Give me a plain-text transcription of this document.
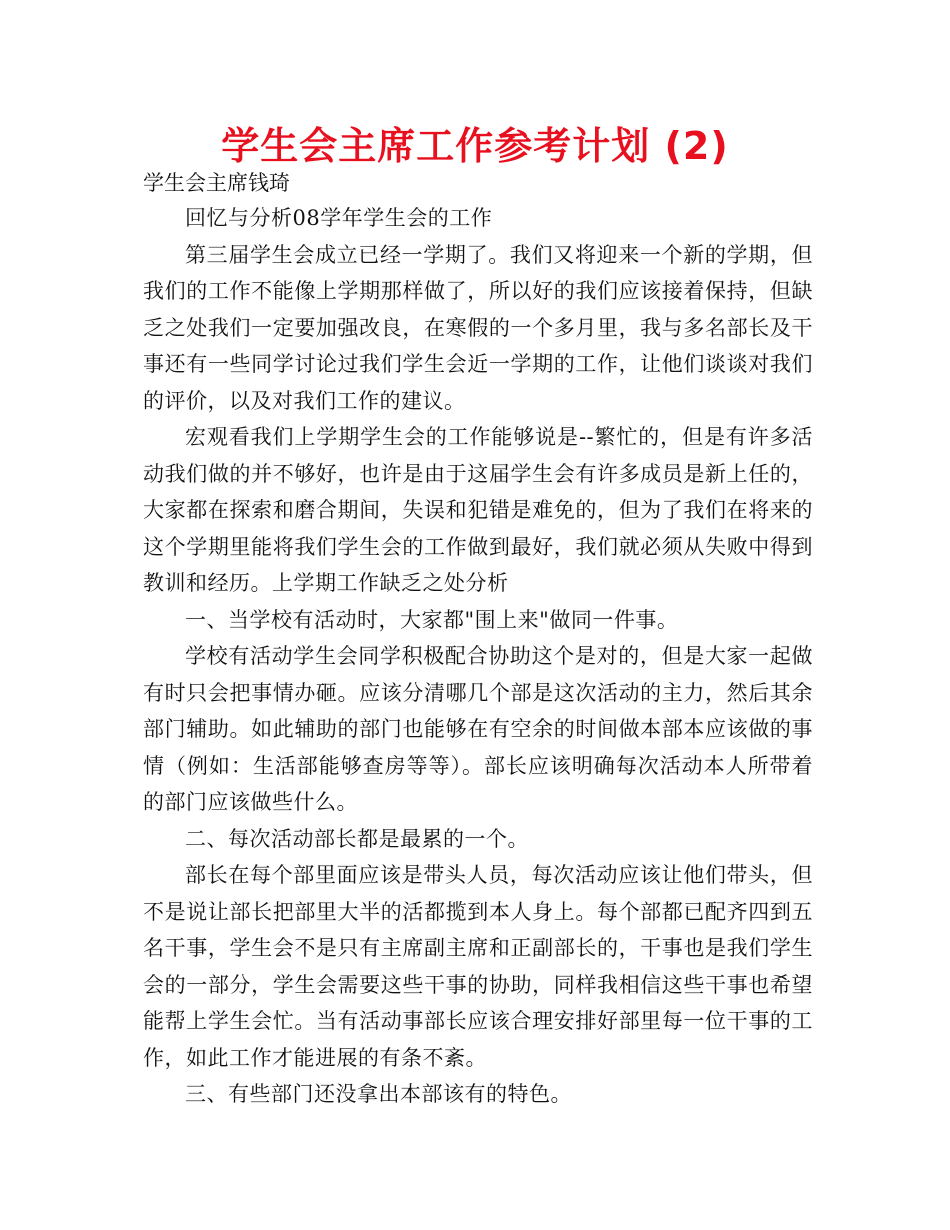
学生会主席工作参考计划 (2)

学生会主席钱琦

回忆与分析08学年学生会的工作

第三届学生会成立已经一学期了。我们又将迎来一个新的学期，但我们的工作不能像上学期那样做了，所以好的我们应该接着保持，但缺乏之处我们一定要加强改良，在寒假的一个多月里，我与多名部长及干事还有一些同学讨论过我们学生会近一学期的工作，让他们谈谈对我们的评价，以及对我们工作的建议。

宏观看我们上学期学生会的工作能够说是--繁忙的，但是有许多活动我们做的并不够好，也许是由于这届学生会有许多成员是新上任的，大家都在探索和磨合期间，失误和犯错是难免的，但为了我们在将来的这个学期里能将我们学生会的工作做到最好，我们就必须从失败中得到教训和经历。上学期工作缺乏之处分析

一、当学校有活动时，大家都"围上来"做同一件事。

学校有活动学生会同学积极配合协助这个是对的，但是大家一起做有时只会把事情办砸。应该分清哪几个部是这次活动的主力，然后其余部门辅助。如此辅助的部门也能够在有空余的时间做本部本应该做的事情（例如：生活部能够查房等等）。部长应该明确每次活动本人所带着的部门应该做些什么。

二、每次活动部长都是最累的一个。

部长在每个部里面应该是带头人员，每次活动应该让他们带头，但不是说让部长把部里大半的活都揽到本人身上。每个部都已配齐四到五名干事，学生会不是只有主席副主席和正副部长的，干事也是我们学生会的一部分，学生会需要这些干事的协助，同样我相信这些干事也希望能帮上学生会忙。当有活动事部长应该合理安排好部里每一位干事的工作，如此工作才能进展的有条不紊。

三、有些部门还没拿出本部该有的特色。
